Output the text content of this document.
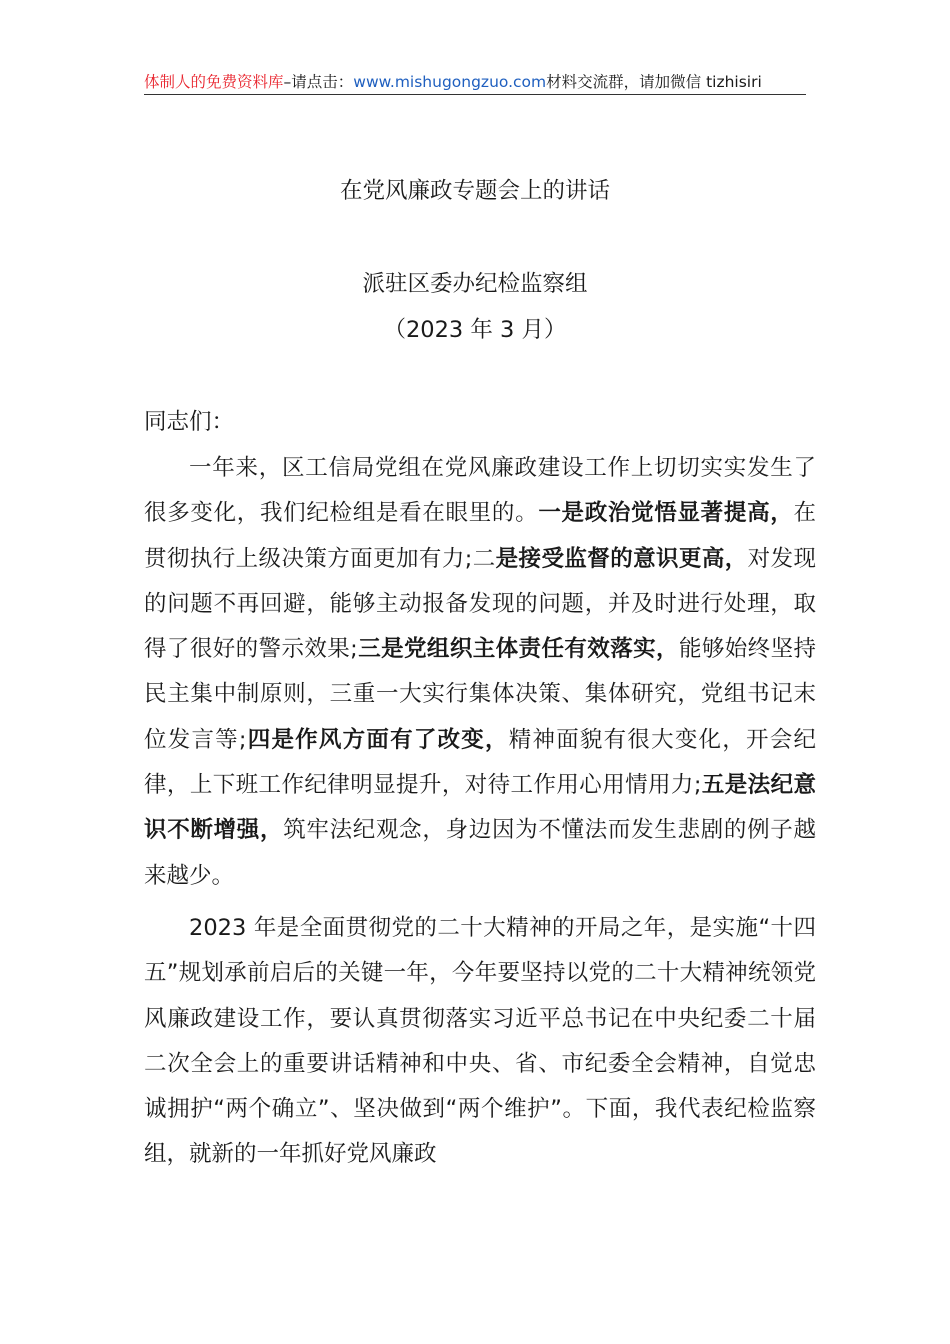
体制人的免费资料库–请点击：www.mishugongzuo.com材料交流群，请加微信 tizhisiri
在党风廉政专题会上的讲话
派驻区委办纪检监察组
（2023 年 3 月）
同志们：

一年来，区工信局党组在党风廉政建设工作上切切实实发生了很多变化，我们纪检组是看在眼里的。一是政治觉悟显著提高，在贯彻执行上级决策方面更加有力;二是接受监督的意识更高，对发现的问题不再回避，能够主动报备发现的问题，并及时进行处理，取得了很好的警示效果;三是党组织主体责任有效落实，能够始终坚持民主集中制原则，三重一大实行集体决策、集体研究，党组书记末位发言等;四是作风方面有了改变，精神面貌有很大变化，开会纪律，上下班工作纪律明显提升，对待工作用心用情用力;五是法纪意识不断增强，筑牢法纪观念，身边因为不懂法而发生悲剧的例子越来越少。

2023 年是全面贯彻党的二十大精神的开局之年，是实施“十四五”规划承前启后的关键一年，今年要坚持以党的二十大精神统领党风廉政建设工作，要认真贯彻落实习近平总书记在中央纪委二十届二次全会上的重要讲话精神和中央、省、市纪委全会精神，自觉忠诚拥护“两个确立”、坚决做到“两个维护”。下面，我代表纪检监察组，就新的一年抓好党风廉政
